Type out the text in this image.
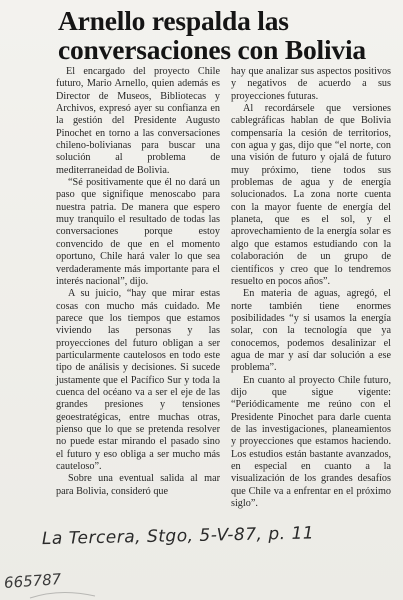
Arnello respalda las conversaciones con Bolivia

El encargado del proyecto Chile futuro, Mario Arnello, quien además es Director de Museos, Bibliotecas y Archivos, expresó ayer su confianza en la gestión del Presidente Augusto Pinochet en torno a las conversaciones chileno-bolivianas para buscar una solución al problema de mediterraneidad de Bolivia.

“Sé positivamente que él no dará un paso que signifique menoscabo para nuestra patria. De manera que espero muy tranquilo el resultado de todas las conversaciones porque estoy convencido de que en el momento oportuno, Chile hará valer lo que sea verdaderamente más importante para el interés nacional”, dijo.

A su juicio, “hay que mirar estas cosas con mucho más cuidado. Me parece que los tiempos que estamos viviendo las personas y las proyecciones del futuro obligan a ser particularmente cautelosos en todo este tipo de análisis y decisiones. Si sucede justamente que el Pacífico Sur y toda la cuenca del océano va a ser el eje de las grandes presiones y tensiones geoestratégicas, entre muchas otras, pienso que lo que se pretenda resolver no puede estar mirando el pasado sino el futuro y eso obliga a ser mucho más cauteloso”.

Sobre una eventual salida al mar para Bolivia, consideró que

hay que analizar sus aspectos positivos y negativos de acuerdo a sus proyecciones futuras.

Al recordársele que versiones cablegráficas hablan de que Bolivia compensaría la cesión de territorios, con agua y gas, dijo que “el norte, con una visión de futuro y ojalá de futuro muy próximo, tiene todos sus problemas de agua y de energía solucionados. La zona norte cuenta con la mayor fuente de energía del planeta, que es el sol, y el aprovechamiento de la energía solar es algo que estamos estudiando con la colaboración de un grupo de científicos y creo que lo tendremos resuelto en pocos años”.

En materia de aguas, agregó, el norte también tiene enormes posibilidades “y si usamos la energía solar, con la tecnología que ya conocemos, podemos desalinizar el agua de mar y así dar solución a ese problema”.

En cuanto al proyecto Chile futuro, dijo que sigue vigente: “Periódicamente me reúno con el Presidente Pinochet para darle cuenta de las investigaciones, planeamientos y proyecciones que estamos haciendo. Los estudios están bastante avanzados, en especial en cuanto a la visualización de los grandes desafíos que Chile va a enfrentar en el próximo siglo”.

La Tercera, Stgo, 5-V-87, p. 11
665787
